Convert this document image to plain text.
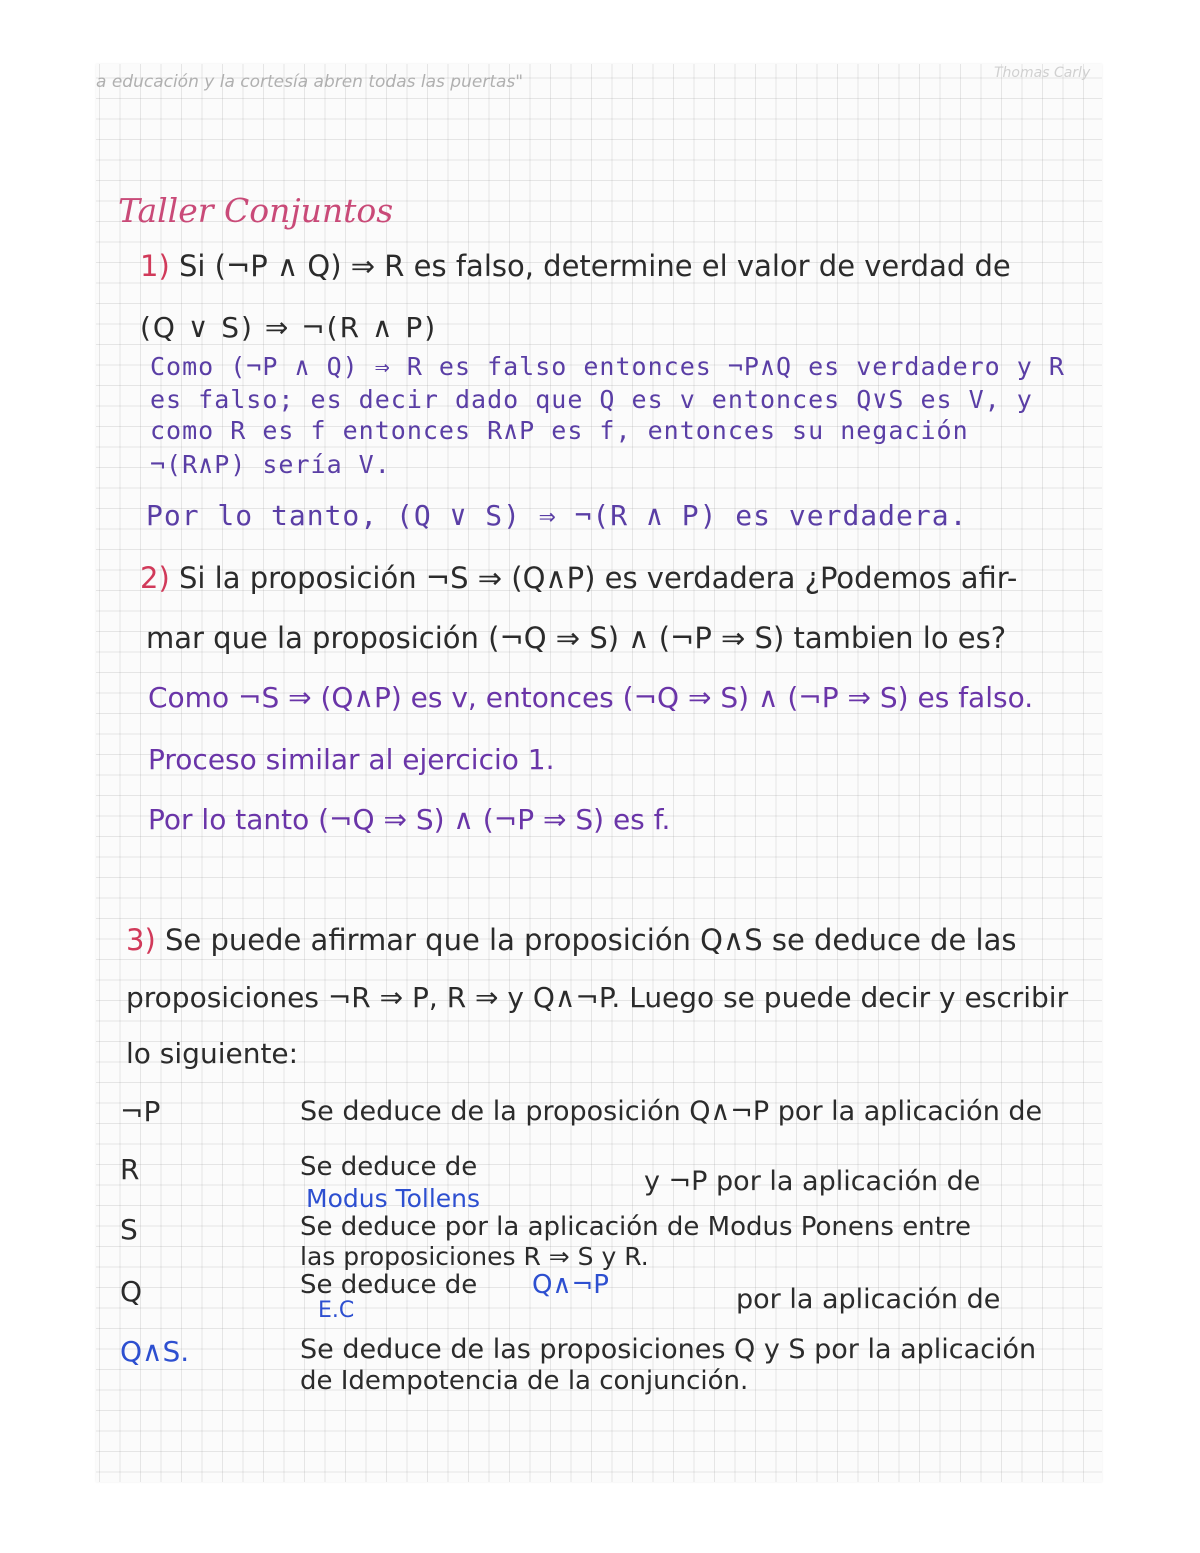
a educación y la cortesía abren todas las puertas"	Thomas Carly
Taller Conjuntos
1) Si (¬P ∧ Q) ⇒ R es falso, determine el valor de verdad de
(Q ∨ S) ⇒ ¬(R ∧ P)
Como (¬P ∧ Q) ⇒ R es falso entonces ¬P∧Q es verdadero y R
es falso; es decir dado que Q es v entonces Q∨S es V, y
como R es f entonces R∧P es f, entonces su negación
¬(R∧P) sería V.
Por lo tanto, (Q ∨ S) ⇒ ¬(R ∧ P) es verdadera.
2) Si la proposición ¬S ⇒ (Q∧P) es verdadera ¿Podemos afir-
mar que la proposición (¬Q ⇒ S) ∧ (¬P ⇒ S) tambien lo es?
Como ¬S ⇒ (Q∧P) es v, entonces (¬Q ⇒ S) ∧ (¬P ⇒ S) es falso.
Proceso similar al ejercicio 1.
Por lo tanto (¬Q ⇒ S) ∧ (¬P ⇒ S) es f.
3) Se puede afirmar que la proposición Q∧S se deduce de las
proposiciones ¬R ⇒ P, R ⇒ y Q∧¬P. Luego se puede decir y escribir
lo siguiente:
¬P	Se deduce de la proposición Q∧¬P por la aplicación de
R	Se deduce de	y ¬P por la aplicación de
Modus Tollens
S	Se deduce por la aplicación de Modus Ponens entre
las proposiciones R ⇒ S y R.
Q	Se deduce de Q∧¬P	por la aplicación de
E.C
Q∧S.	Se deduce de las proposiciones Q y S por la aplicación
de Idempotencia de la conjunción.
